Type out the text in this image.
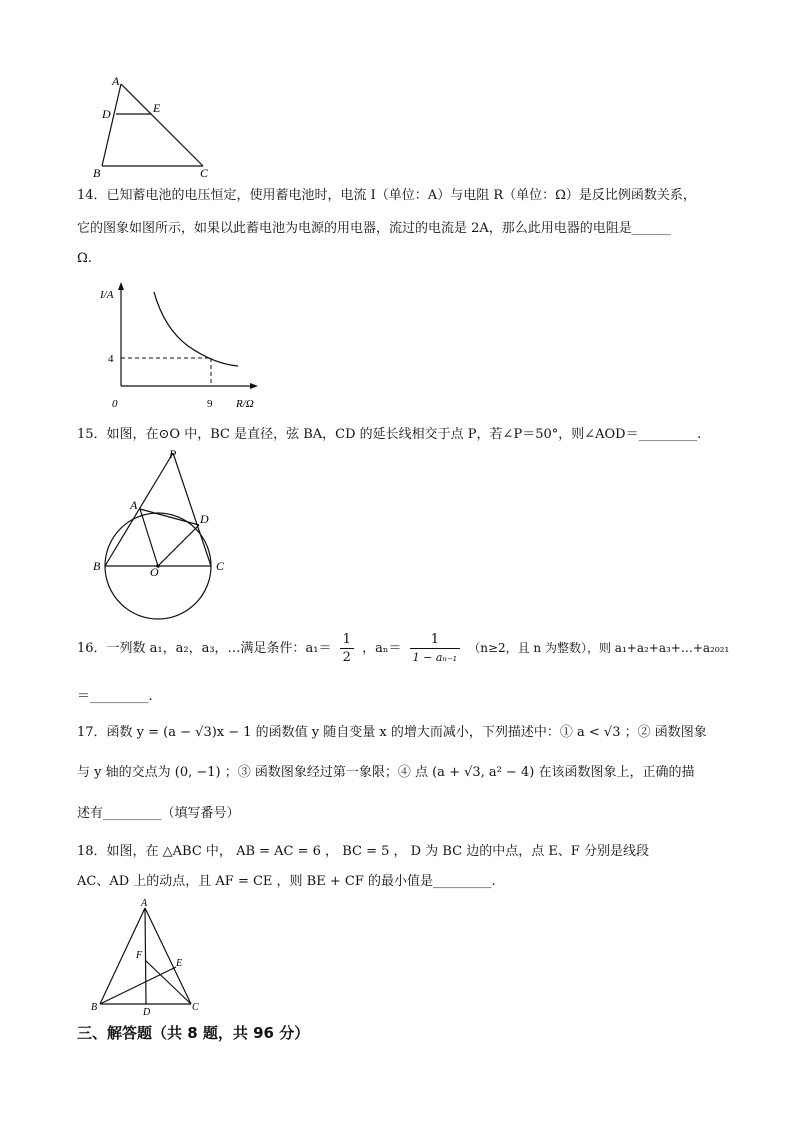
A
D	E
B	C
14．已知蓄电池的电压恒定，使用蓄电池时，电流 I（单位：A）与电阻 R（单位：Ω）是反比例函数关系，
它的图象如图所示，如果以此蓄电池为电源的用电器，流过的电流是 2A，那么此用电器的电阻是______
Ω.
I/A
4
0	9 R/Ω
15．如图，在⊙O 中，BC 是直径，弦 BA，CD 的延长线相交于点 P，若∠P＝50°，则∠AOD＝_________.
P
A
D
B	O	C
16．一列数 a₁，a₂，a₃，…满足条件：$a_1= \frac{1}{2}$ ，$a_n= \frac{1}{\text{1 − aₙ₋₁}} (n\ge 2$，且 n 为整数），则 a₁+a₂+a₃+…+a₂₀₂₁
＝_________.
17．函数 y = (a − √3)x − 1 的函数值 y 随自变量 x 的增大而减小，下列描述中：① a < √3 ；② 函数图象
与 y 轴的交点为 (0, −1) ；③ 函数图象经过第一象限；④ 点 (a + √3, a² − 4) 在该函数图象上，正确的描
述有_________（填写番号）
18．如图，在 △ABC 中， AB = AC = 6 ， BC = 5 ， D 为 BC 边的中点，点 E、F 分别是线段
AC、AD 上的动点，且 AF = CE ，则 BE + CF 的最小值是_________.
A
F
E
B	D	C
三、解答题（共 8 题，共 96 分）
